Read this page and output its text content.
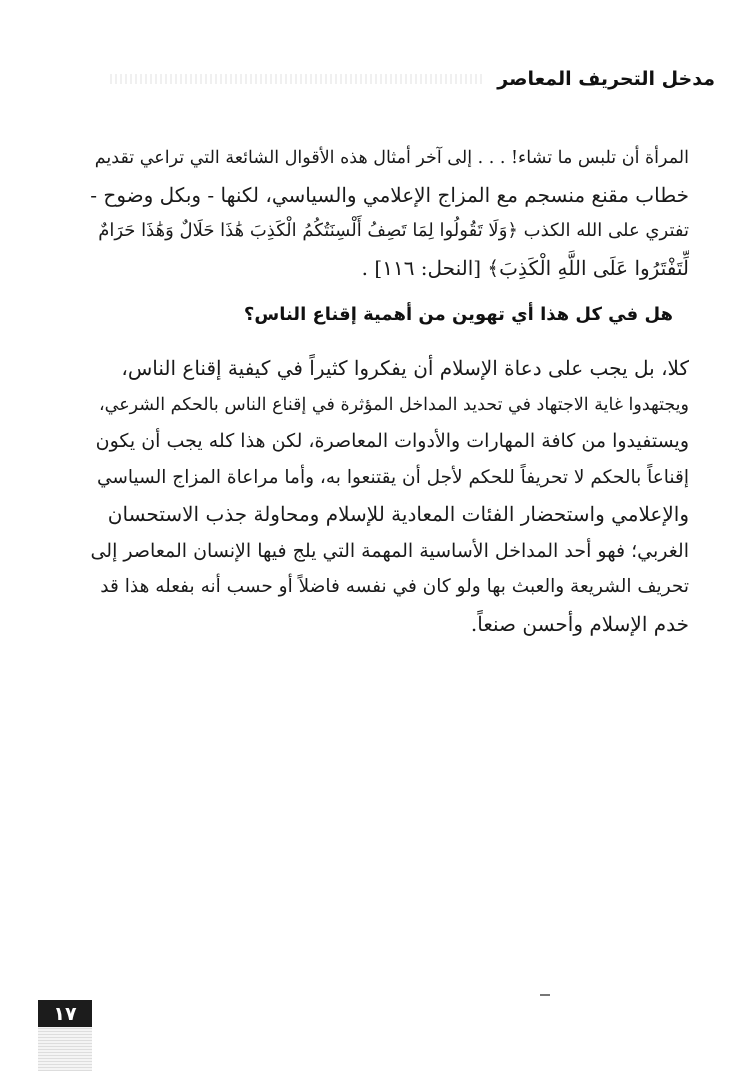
مدخل التحريف المعاصر
المرأة أن تلبس ما تشاء! . . . إلى آخر أمثال هذه الأقوال الشائعة التي تراعي تقديم
خطاب مقنع منسجم مع المزاج الإعلامي والسياسي، لكنها - وبكل وضوح -
تفتري على الله الكذب ﴿وَلَا تَقُولُوا لِمَا تَصِفُ أَلْسِنَتُكُمُ الْكَذِبَ هَٰذَا حَلَالٌ وَهَٰذَا حَرَامٌ
لِّتَفْتَرُوا عَلَى اللَّهِ الْكَذِبَ﴾ [النحل: ١١٦] .
هل في كل هذا أي تهوين من أهمية إقناع الناس؟
كلا، بل يجب على دعاة الإسلام أن يفكروا كثيراً في كيفية إقناع الناس،
ويجتهدوا غاية الاجتهاد في تحديد المداخل المؤثرة في إقناع الناس بالحكم الشرعي،
ويستفيدوا من كافة المهارات والأدوات المعاصرة، لكن هذا كله يجب أن يكون
إقناعاً بالحكم لا تحريفاً للحكم لأجل أن يقتنعوا به، وأما مراعاة المزاج السياسي
والإعلامي واستحضار الفئات المعادية للإسلام ومحاولة جذب الاستحسان
الغربي؛ فهو أحد المداخل الأساسية المهمة التي يلج فيها الإنسان المعاصر إلى
تحريف الشريعة والعبث بها ولو كان في نفسه فاضلاً أو حسب أنه بفعله هذا قد
خدم الإسلام وأحسن صنعاً.
١٧
